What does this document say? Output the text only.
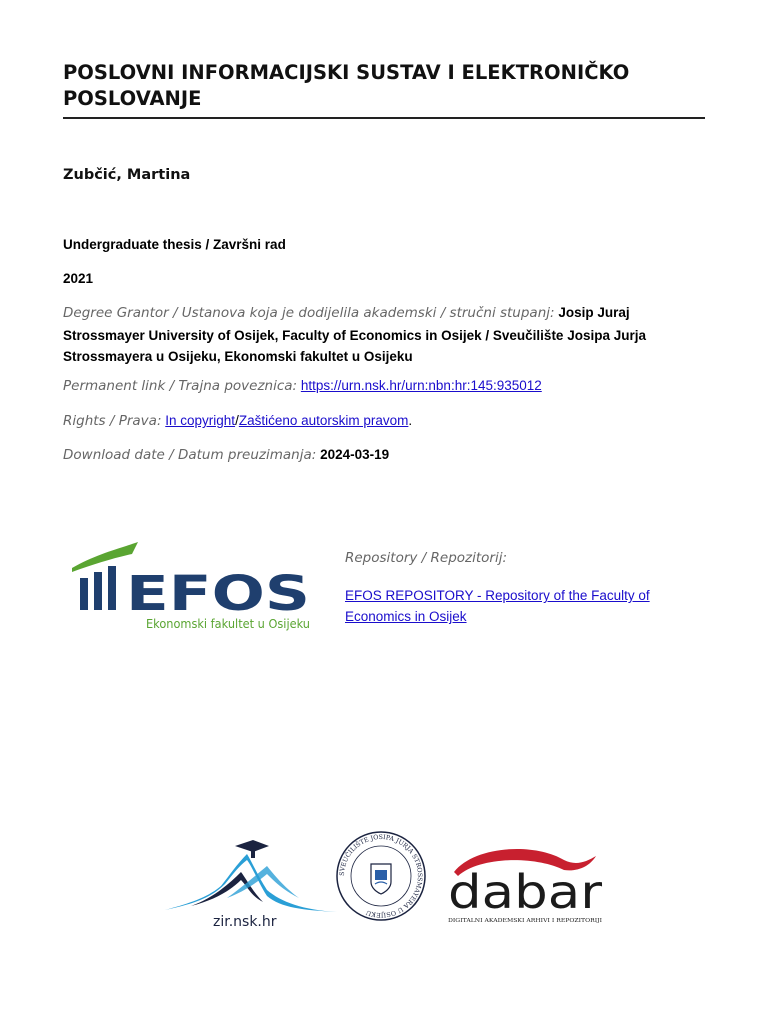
POSLOVNI INFORMACIJSKI SUSTAV I ELEKTRONIČKO POSLOVANJE
Zubčić, Martina
Undergraduate thesis / Završni rad
2021
Degree Grantor / Ustanova koja je dodijelila akademski / stručni stupanj: Josip Juraj Strossmayer University of Osijek, Faculty of Economics in Osijek / Sveučilište Josipa Jurja Strossmayera u Osijeku, Ekonomski fakultet u Osijeku
Permanent link / Trajna poveznica: https://urn.nsk.hr/urn:nbn:hr:145:935012
Rights / Prava: In copyright/Zaštićeno autorskim pravom.
Download date / Datum preuzimanja: 2024-03-19
EFOS
Ekonomski fakultet u Osijeku
Repository / Repozitorij:
EFOS REPOSITORY - Repository of the Faculty of Economics in Osijek
zir.nsk.hr
SVEUČILIŠTE JOSIPA JURJA STROSSMAYERA U OSIJEKU	dabar
DIGITALNI AKADEMSKI ARHIVI I REPOZITORIJI
